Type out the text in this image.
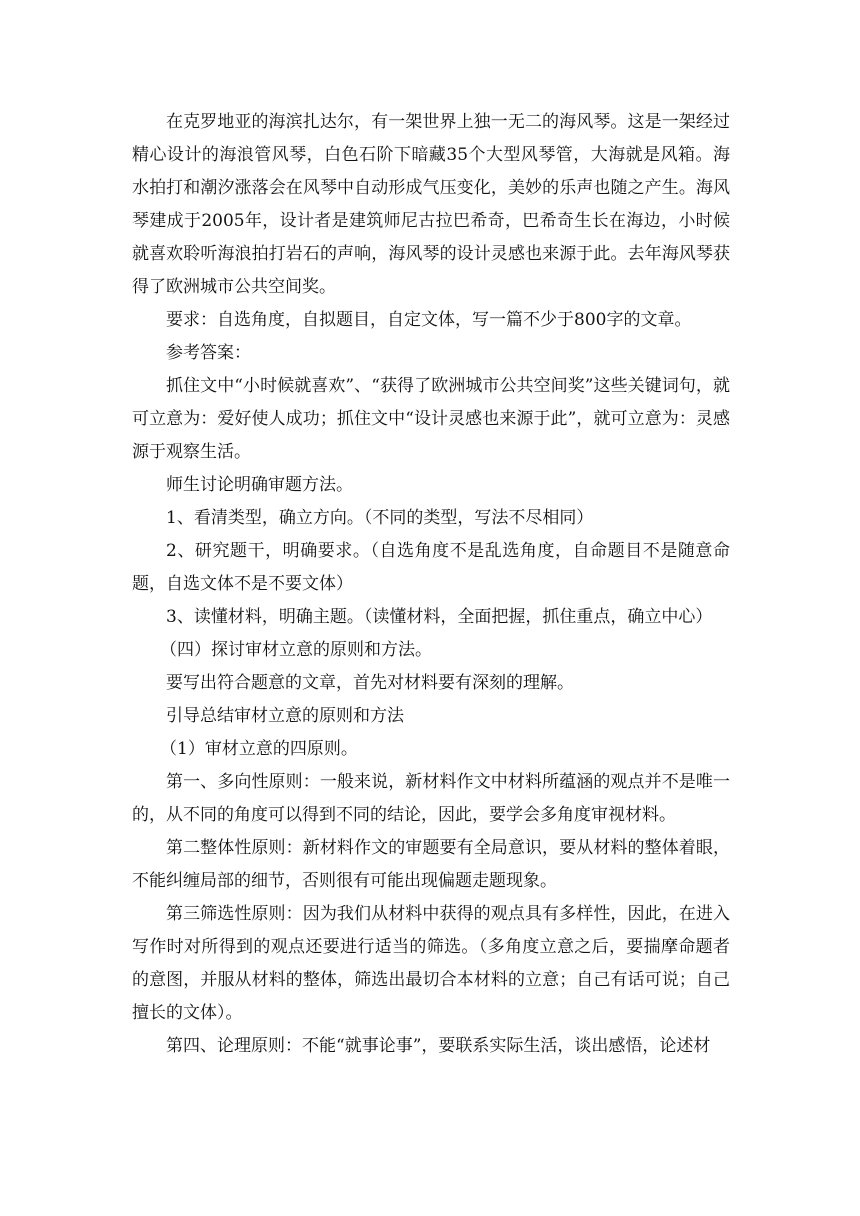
在克罗地亚的海滨扎达尔，有一架世界上独一无二的海风琴。这是一架经过精心设计的海浪管风琴，白色石阶下暗藏35个大型风琴管，大海就是风箱。海水拍打和潮汐涨落会在风琴中自动形成气压变化，美妙的乐声也随之产生。海风琴建成于2005年，设计者是建筑师尼古拉巴希奇，巴希奇生长在海边，小时候就喜欢聆听海浪拍打岩石的声响，海风琴的设计灵感也来源于此。去年海风琴获得了欧洲城市公共空间奖。

要求：自选角度，自拟题目，自定文体，写一篇不少于800字的文章。

参考答案：

抓住文中“小时候就喜欢”、“获得了欧洲城市公共空间奖”这些关键词句，就可立意为：爱好使人成功；抓住文中“设计灵感也来源于此”，就可立意为：灵感源于观察生活。

师生讨论明确审题方法。

1、看清类型，确立方向。（不同的类型，写法不尽相同）

2、研究题干，明确要求。（自选角度不是乱选角度，自命题目不是随意命题，自选文体不是不要文体）

3、读懂材料，明确主题。（读懂材料，全面把握，抓住重点，确立中心）

（四）探讨审材立意的原则和方法。

要写出符合题意的文章，首先对材料要有深刻的理解。

引导总结审材立意的原则和方法

（1）审材立意的四原则。

第一、多向性原则：一般来说，新材料作文中材料所蕴涵的观点并不是唯一的，从不同的角度可以得到不同的结论，因此，要学会多角度审视材料。

第二整体性原则：新材料作文的审题要有全局意识，要从材料的整体着眼，不能纠缠局部的细节，否则很有可能出现偏题走题现象。

第三筛选性原则：因为我们从材料中获得的观点具有多样性，因此，在进入写作时对所得到的观点还要进行适当的筛选。（多角度立意之后，要揣摩命题者的意图，并服从材料的整体，筛选出最切合本材料的立意；自己有话可说；自己擅长的文体）。

第四、论理原则：不能“就事论事”，要联系实际生活，谈出感悟，论述材
